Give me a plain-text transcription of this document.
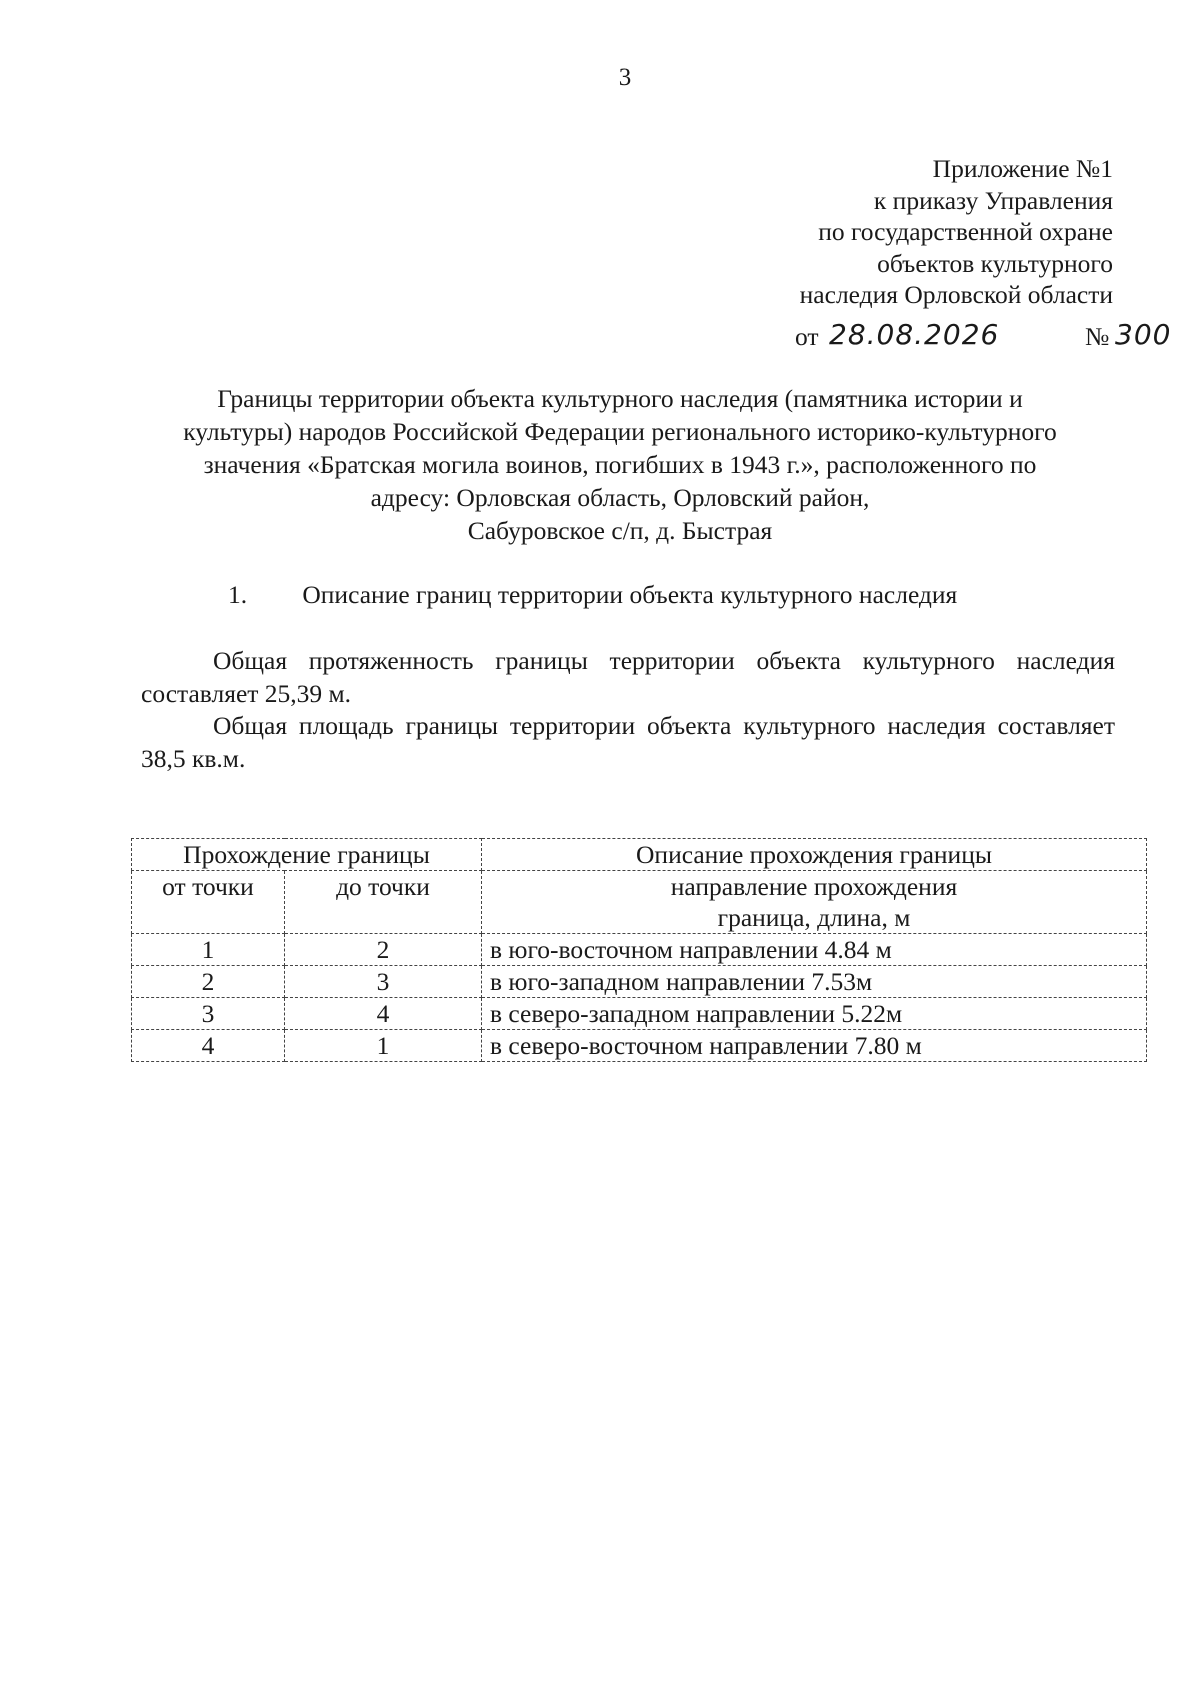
3
Приложение №1
к приказу Управления
по государственной охране
объектов культурного
наследия Орловской области
от 28.08.2026	№ 300
Границы территории объекта культурного наследия (памятника истории и
культуры) народов Российской Федерации регионального историко-культурного
значения «Братская могила воинов, погибших в 1943 г.», расположенного по
адресу: Орловская область, Орловский район,
Сабуровское с/п, д. Быстрая
1. Описание границ территории объекта культурного наследия
Общая протяженность границы территории объекта культурного наследия составляет 25,39 м.
Общая площадь границы территории объекта культурного наследия составляет 38,5 кв.м.
Прохождение границы		Описание прохождения границы
от точки	до точки	направление прохождения граница, длина, м
1	2	в юго-восточном направлении 4.84 м
2	3	в юго-западном направлении 7.53м
3	4	в северо-западном направлении 5.22м
4	1	в северо-восточном направлении 7.80 м
